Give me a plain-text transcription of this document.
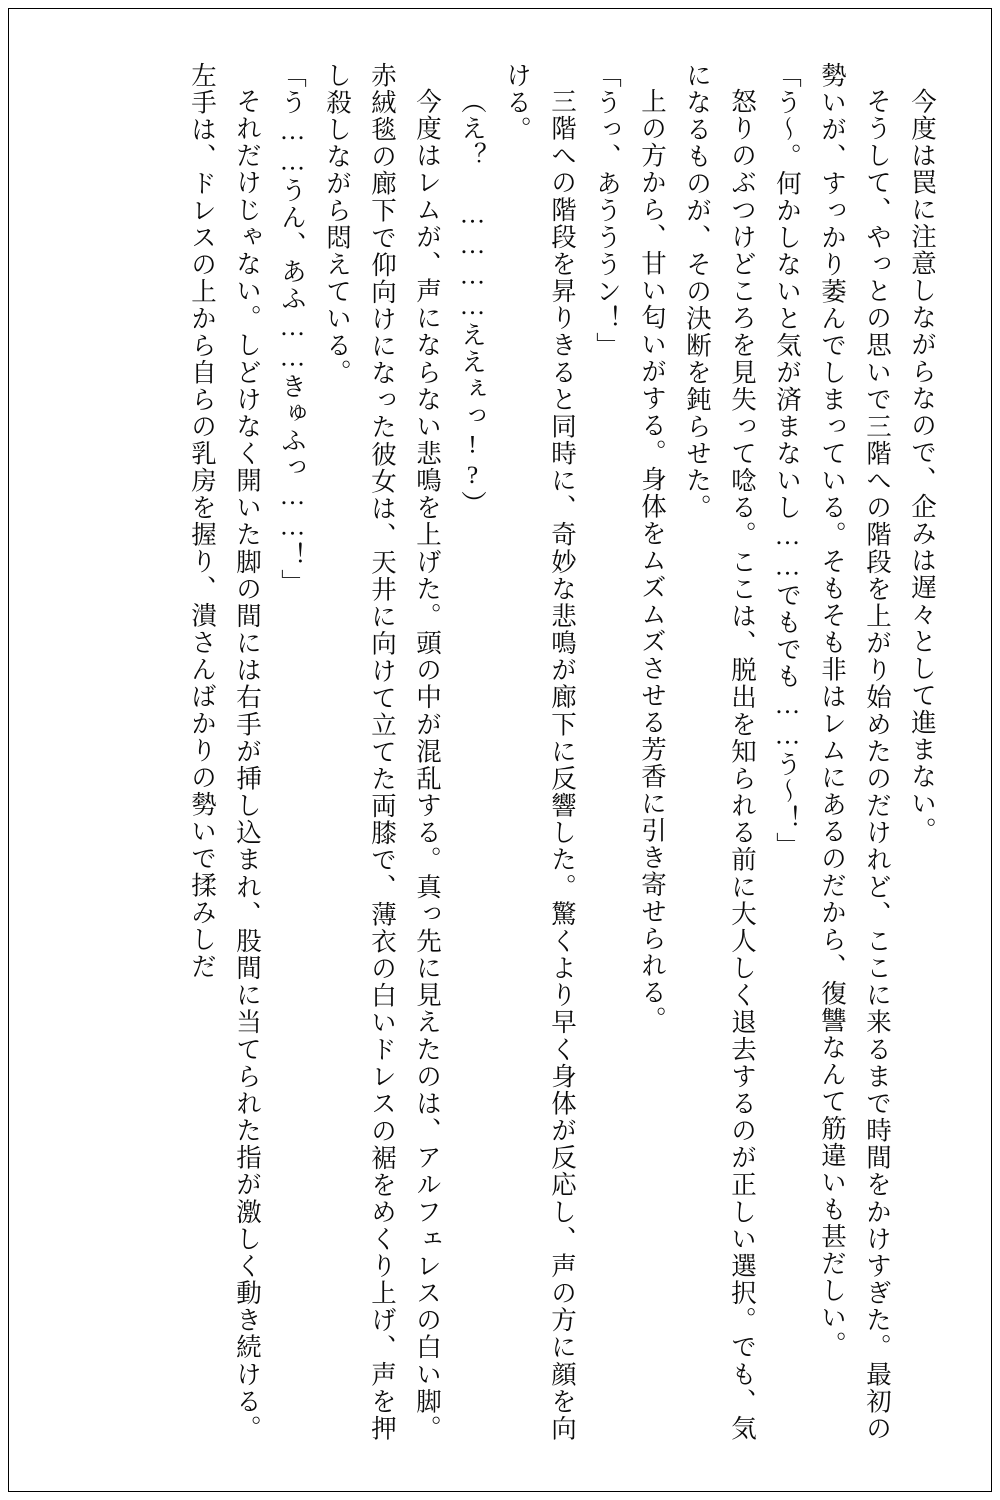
今度は罠に注意しながらなので、企みは遅々として進まない。

そうして、やっとの思いで三階への階段を上がり始めたのだけれど、ここに来るまで時間をかけすぎた。最初の勢いが、すっかり萎んでしまっている。そもそも非はレムにあるのだから、復讐なんて筋違いも甚だしい。

「う～。何かしないと気が済まないし……でもでも……う～！」

怒りのぶつけどころを見失って唸る。ここは、脱出を知られる前に大人しく退去するのが正しい選択。でも、気になるものが、その決断を鈍らせた。

上の方から、甘い匂いがする。身体をムズムズさせる芳香に引き寄せられる。

「うっ、あうううン！」

三階への階段を昇りきると同時に、奇妙な悲鳴が廊下に反響した。驚くより早く身体が反応し、声の方に顔を向ける。

（え？ …………ええぇっ!?）

今度はレムが、声にならない悲鳴を上げた。頭の中が混乱する。真っ先に見えたのは、アルフェレスの白い脚。赤絨毯の廊下で仰向けになった彼女は、天井に向けて立てた両膝で、薄衣の白いドレスの裾をめくり上げ、声を押し殺しながら悶えている。

「う……うん、あふ……きゅふっ……！」

それだけじゃない。しどけなく開いた脚の間には右手が挿し込まれ、股間に当てられた指が激しく動き続ける。左手は、ドレスの上から自らの乳房を握り、潰さんばかりの勢いで揉みしだ
